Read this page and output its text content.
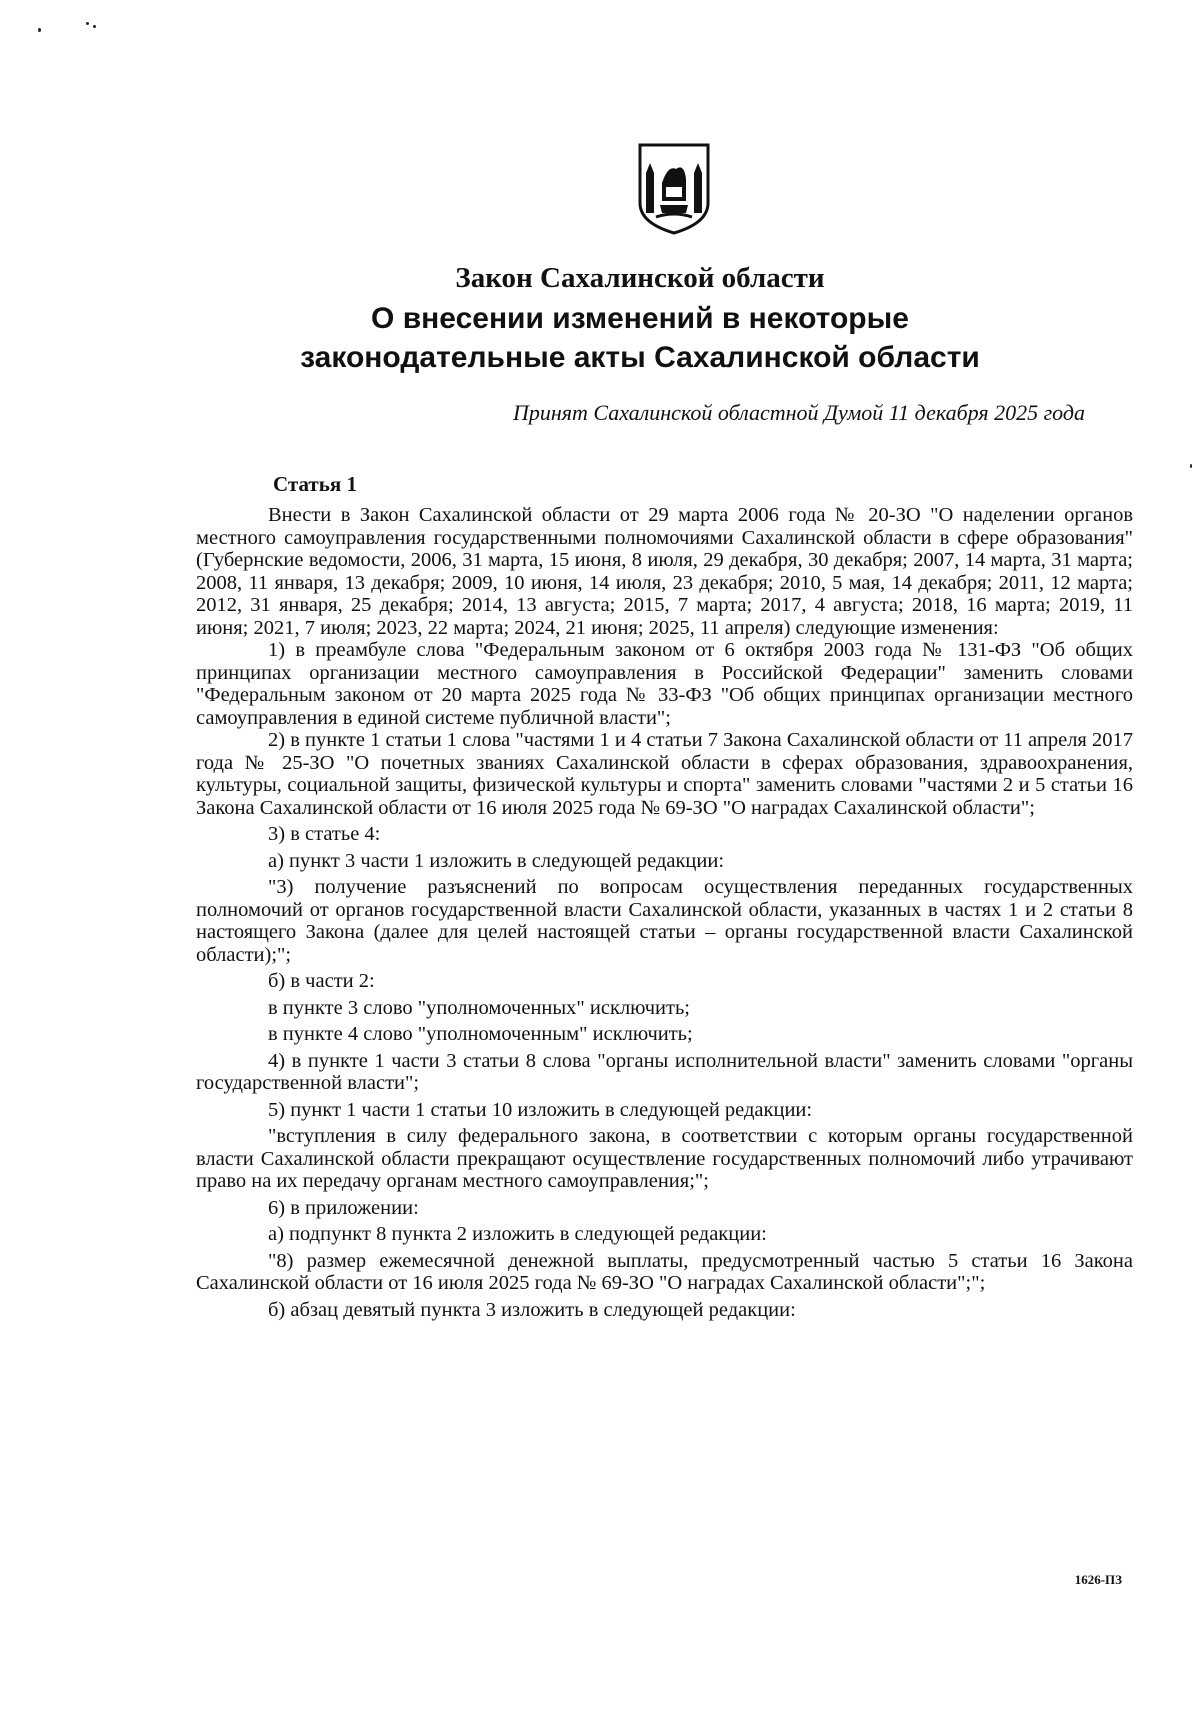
Закон Сахалинской области
О внесении изменений в некоторые
законодательные акты Сахалинской области

Принят Сахалинской областной Думой 11 декабря 2025 года

Статья 1

Внести в Закон Сахалинской области от 29 марта 2006 года № 20-ЗО "О наделении органов местного самоуправления государственными полномочиями Сахалинской области в сфере образования" (Губернские ведомости, 2006, 31 марта, 15 июня, 8 июля, 29 декабря, 30 декабря; 2007, 14 марта, 31 марта; 2008, 11 января, 13 декабря; 2009, 10 июня, 14 июля, 23 декабря; 2010, 5 мая, 14 декабря; 2011, 12 марта; 2012, 31 января, 25 декабря; 2014, 13 августа; 2015, 7 марта; 2017, 4 августа; 2018, 16 марта; 2019, 11 июня; 2021, 7 июля; 2023, 22 марта; 2024, 21 июня; 2025, 11 апреля) следующие изменения:

1) в преамбуле слова "Федеральным законом от 6 октября 2003 года № 131-ФЗ "Об общих принципах организации местного самоуправления в Российской Федерации" заменить словами "Федеральным законом от 20 марта 2025 года № 33-ФЗ "Об общих принципах организации местного самоуправления в единой системе публичной власти";

2) в пункте 1 статьи 1 слова "частями 1 и 4 статьи 7 Закона Сахалинской области от 11 апреля 2017 года № 25-ЗО "О почетных званиях Сахалинской области в сферах образования, здравоохранения, культуры, социальной защиты, физической культуры и спорта" заменить словами "частями 2 и 5 статьи 16 Закона Сахалинской области от 16 июля 2025 года № 69-ЗО "О наградах Сахалинской области";

3) в статье 4:

а) пункт 3 части 1 изложить в следующей редакции:

"3) получение разъяснений по вопросам осуществления переданных государственных полномочий от органов государственной власти Сахалинской области, указанных в частях 1 и 2 статьи 8 настоящего Закона (далее для целей настоящей статьи – органы государственной власти Сахалинской области);";

б) в части 2:

в пункте 3 слово "уполномоченных" исключить;

в пункте 4 слово "уполномоченным" исключить;

4) в пункте 1 части 3 статьи 8 слова "органы исполнительной власти" заменить словами "органы государственной власти";

5) пункт 1 части 1 статьи 10 изложить в следующей редакции:

"вступления в силу федерального закона, в соответствии с которым органы государственной власти Сахалинской области прекращают осуществление государственных полномочий либо утрачивают право на их передачу органам местного самоуправления;";

6) в приложении:

а) подпункт 8 пункта 2 изложить в следующей редакции:

"8) размер ежемесячной денежной выплаты, предусмотренный частью 5 статьи 16 Закона Сахалинской области от 16 июля 2025 года № 69-ЗО "О наградах Сахалинской области";";

б) абзац девятый пункта 3 изложить в следующей редакции:

1626-ПЗ
